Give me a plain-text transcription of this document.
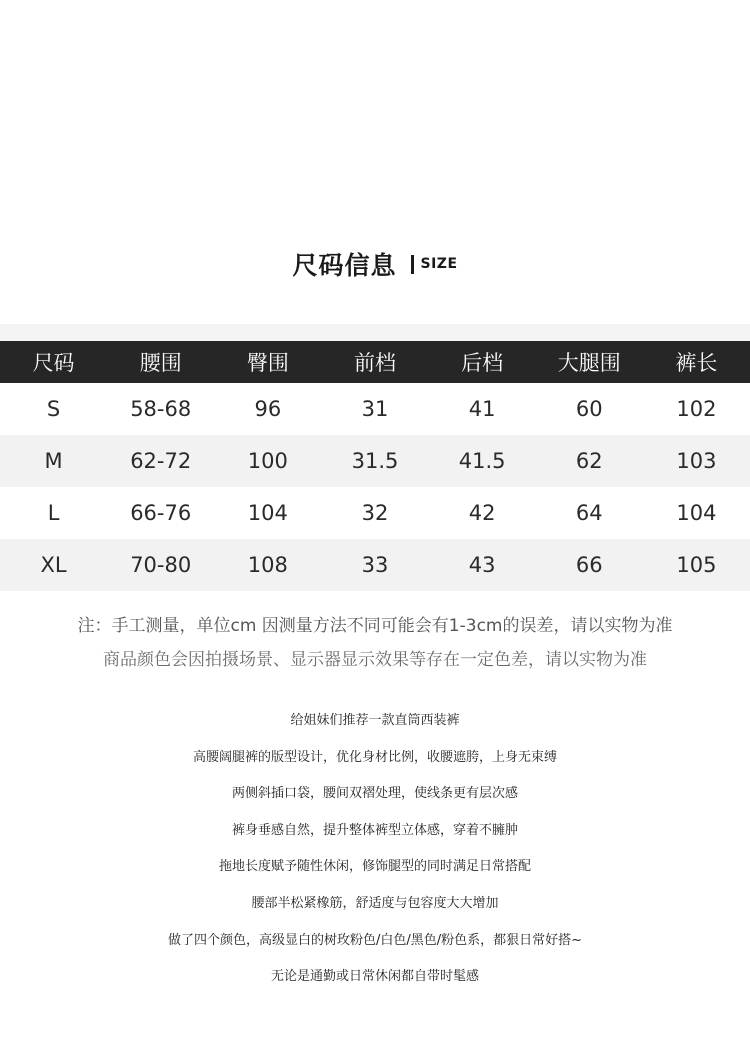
尺码信息 SIZE
尺码	腰围	臀围	前档	后档	大腿围	裤长
S	58-68	96	31	41	60	102
M	62-72	100	31.5	41.5	62	103
L	66-76	104	32	42	64	104
XL	70-80	108	33	43	66	105
注：手工测量，单位cm 因测量方法不同可能会有1-3cm的误差，请以实物为准
商品颜色会因拍摄场景、显示器显示效果等存在一定色差，请以实物为准
给姐妹们推荐一款直筒西装裤
高腰阔腿裤的版型设计，优化身材比例，收腰遮胯，上身无束缚
两侧斜插口袋，腰间双褶处理，使线条更有层次感
裤身垂感自然，提升整体裤型立体感，穿着不臃肿
拖地长度赋予随性休闲，修饰腿型的同时满足日常搭配
腰部半松紧橡筋，舒适度与包容度大大增加
做了四个颜色，高级显白的树玫粉色/白色/黑色/粉色系，都狠日常好搭~
无论是通勤或日常休闲都自带时髦感
